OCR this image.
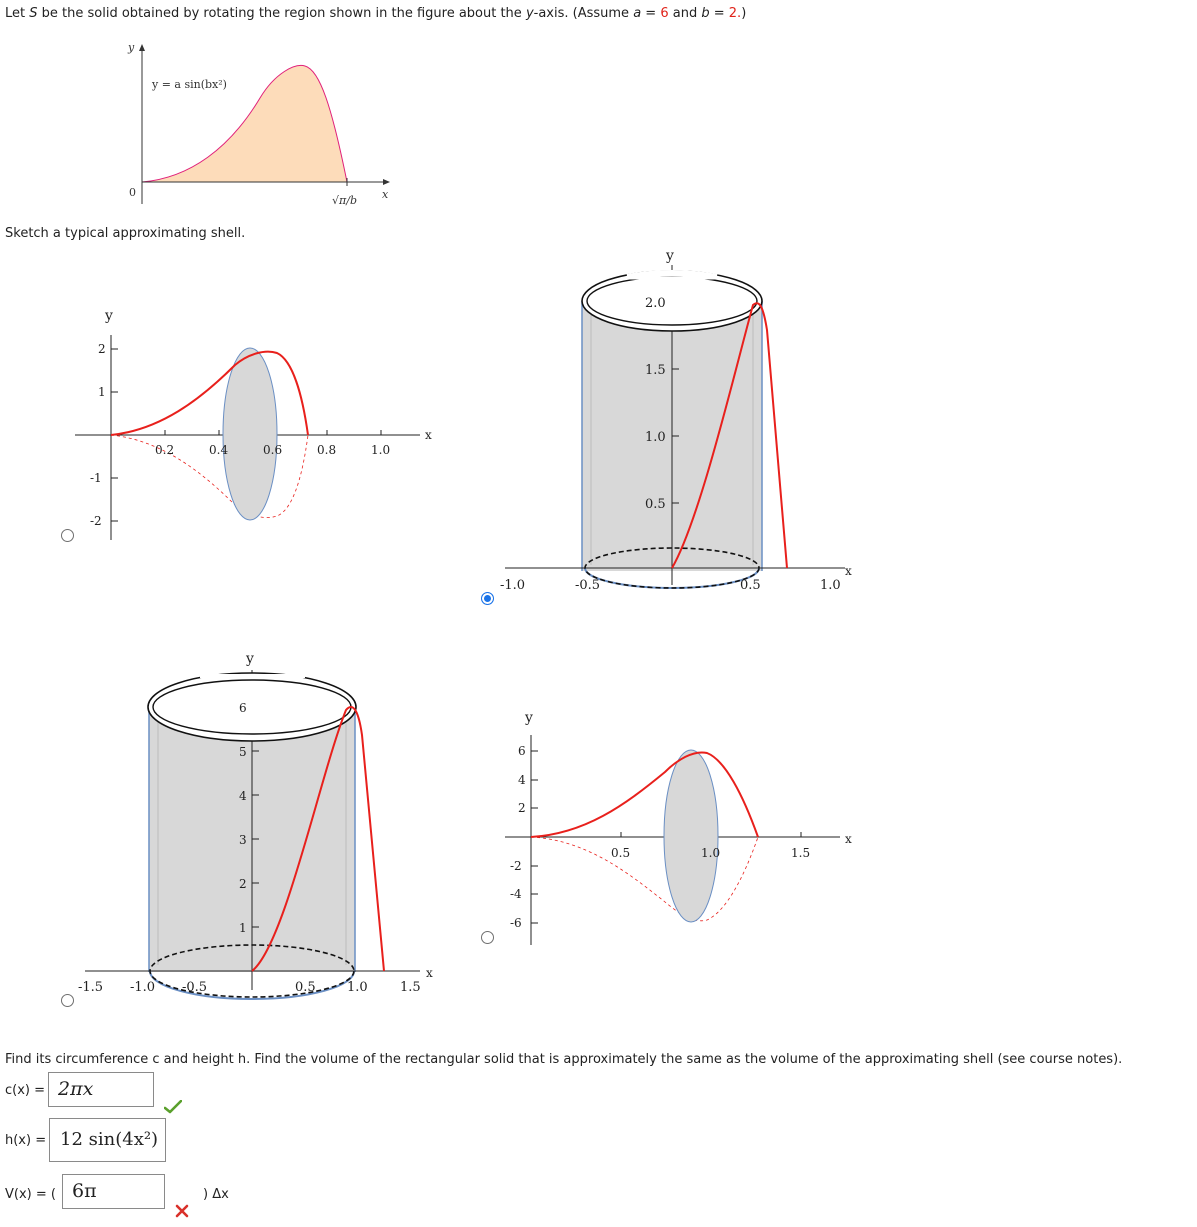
Let S be the solid obtained by rotating the region shown in the figure about the y-axis. (Assume a = 6 and b = 2.)
y
x
0
y = a sin(bx²)
√π/b
Sketch a typical approximating shell.
y
x
2
1
-1
-2
0.2	0.4	0.6	0.8	1.0
y
x
2.0
1.5
1.0
0.5
-1.0	-0.5	0.5	1.0
y
x
6
5
4
3
2
1
-1.5 -1.0 -0.5	0.5 1.0 1.5
y
x
6
4
2
-2
-4
-6
0.5	1.0	1.5
Find its circumference c and height h. Find the volume of the rectangular solid that is approximately the same as the volume of the approximating shell (see course notes).
c(x) = 2πx
h(x) = 12 sin(4x²)
V(x) = ( 6π	) Δx
